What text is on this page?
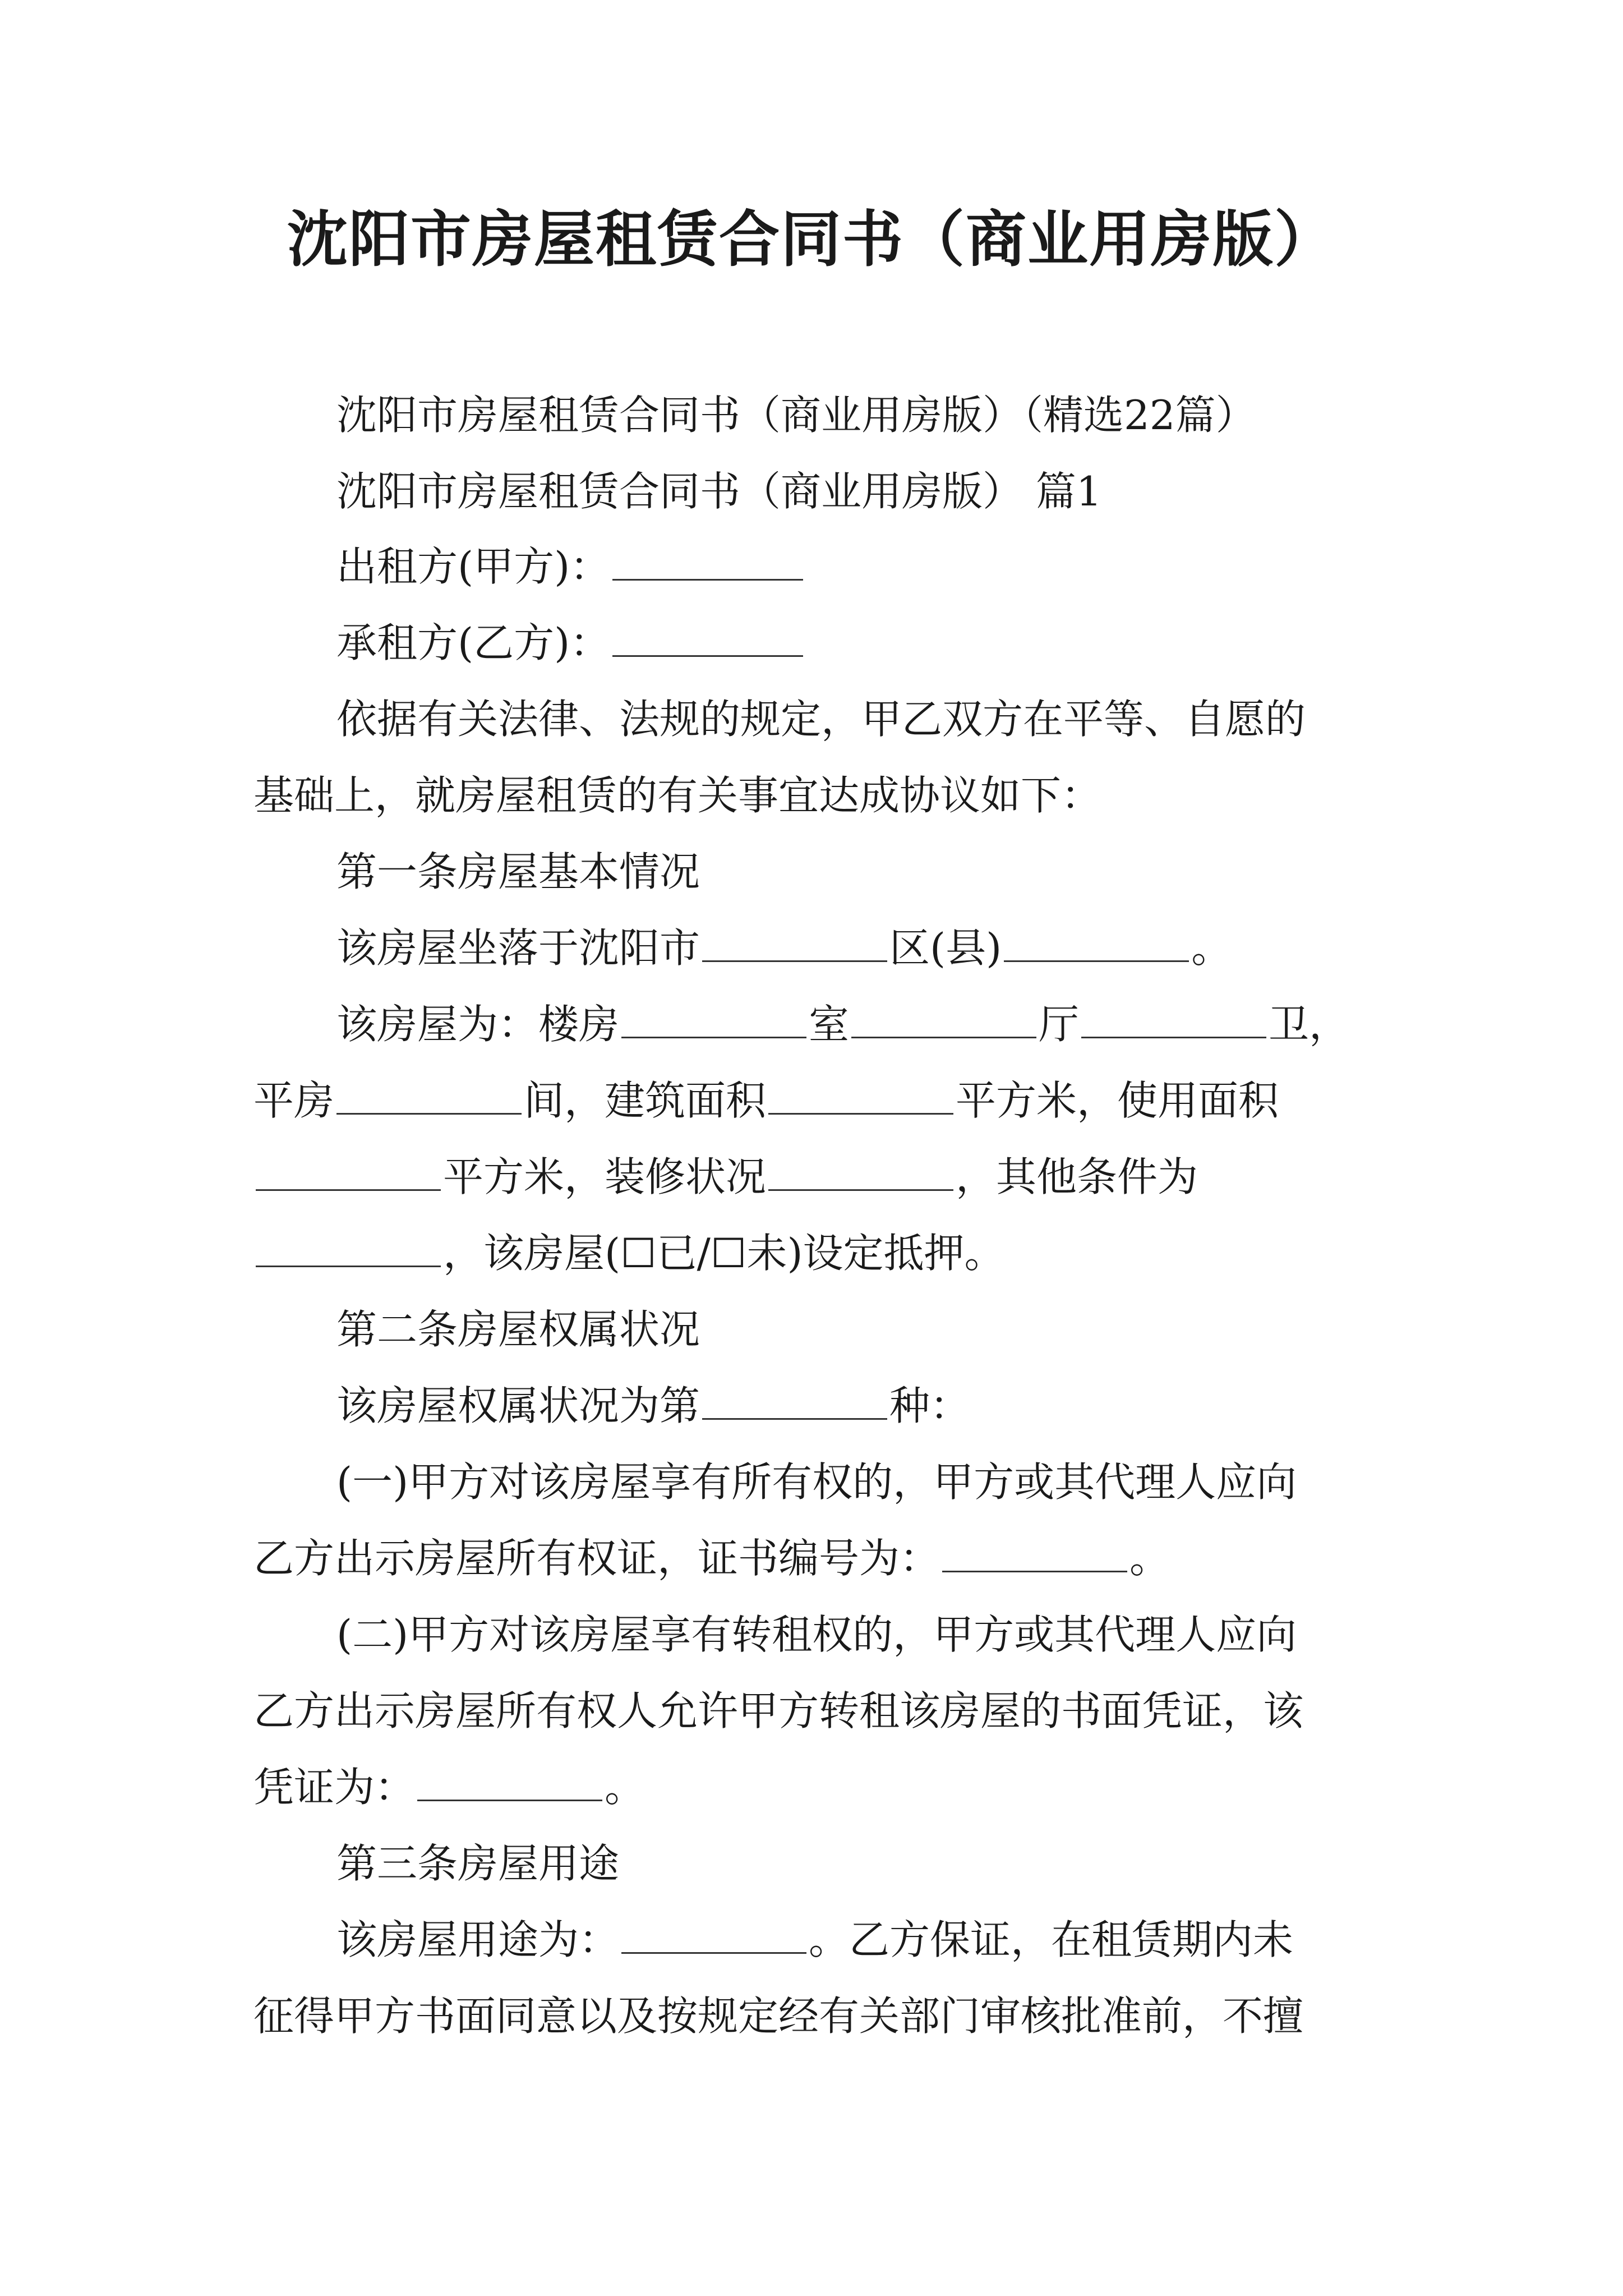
沈阳市房屋租赁合同书（商业用房版）

沈阳市房屋租赁合同书（商业用房版）（精选22篇）

沈阳市房屋租赁合同书（商业用房版） 篇1

出租方(甲方)：

承租方(乙方)：

依据有关法律、法规的规定，甲乙双方在平等、自愿的

基础上，就房屋租赁的有关事宜达成协议如下：

第一条房屋基本情况

该房屋坐落于沈阳市	区(县)	。

该房屋为：楼房	室	厅	卫，

平房	间，建筑面积	平方米，使用面积

平方米，装修状况	，其他条件为

，该房屋(☐已/☐未)设定抵押。

第二条房屋权属状况

该房屋权属状况为第	种：

(一)甲方对该房屋享有所有权的，甲方或其代理人应向

乙方出示房屋所有权证，证书编号为：	。

(二)甲方对该房屋享有转租权的，甲方或其代理人应向

乙方出示房屋所有权人允许甲方转租该房屋的书面凭证，该

凭证为：	。

第三条房屋用途

该房屋用途为：	。乙方保证，在租赁期内未

征得甲方书面同意以及按规定经有关部门审核批准前，不擅
